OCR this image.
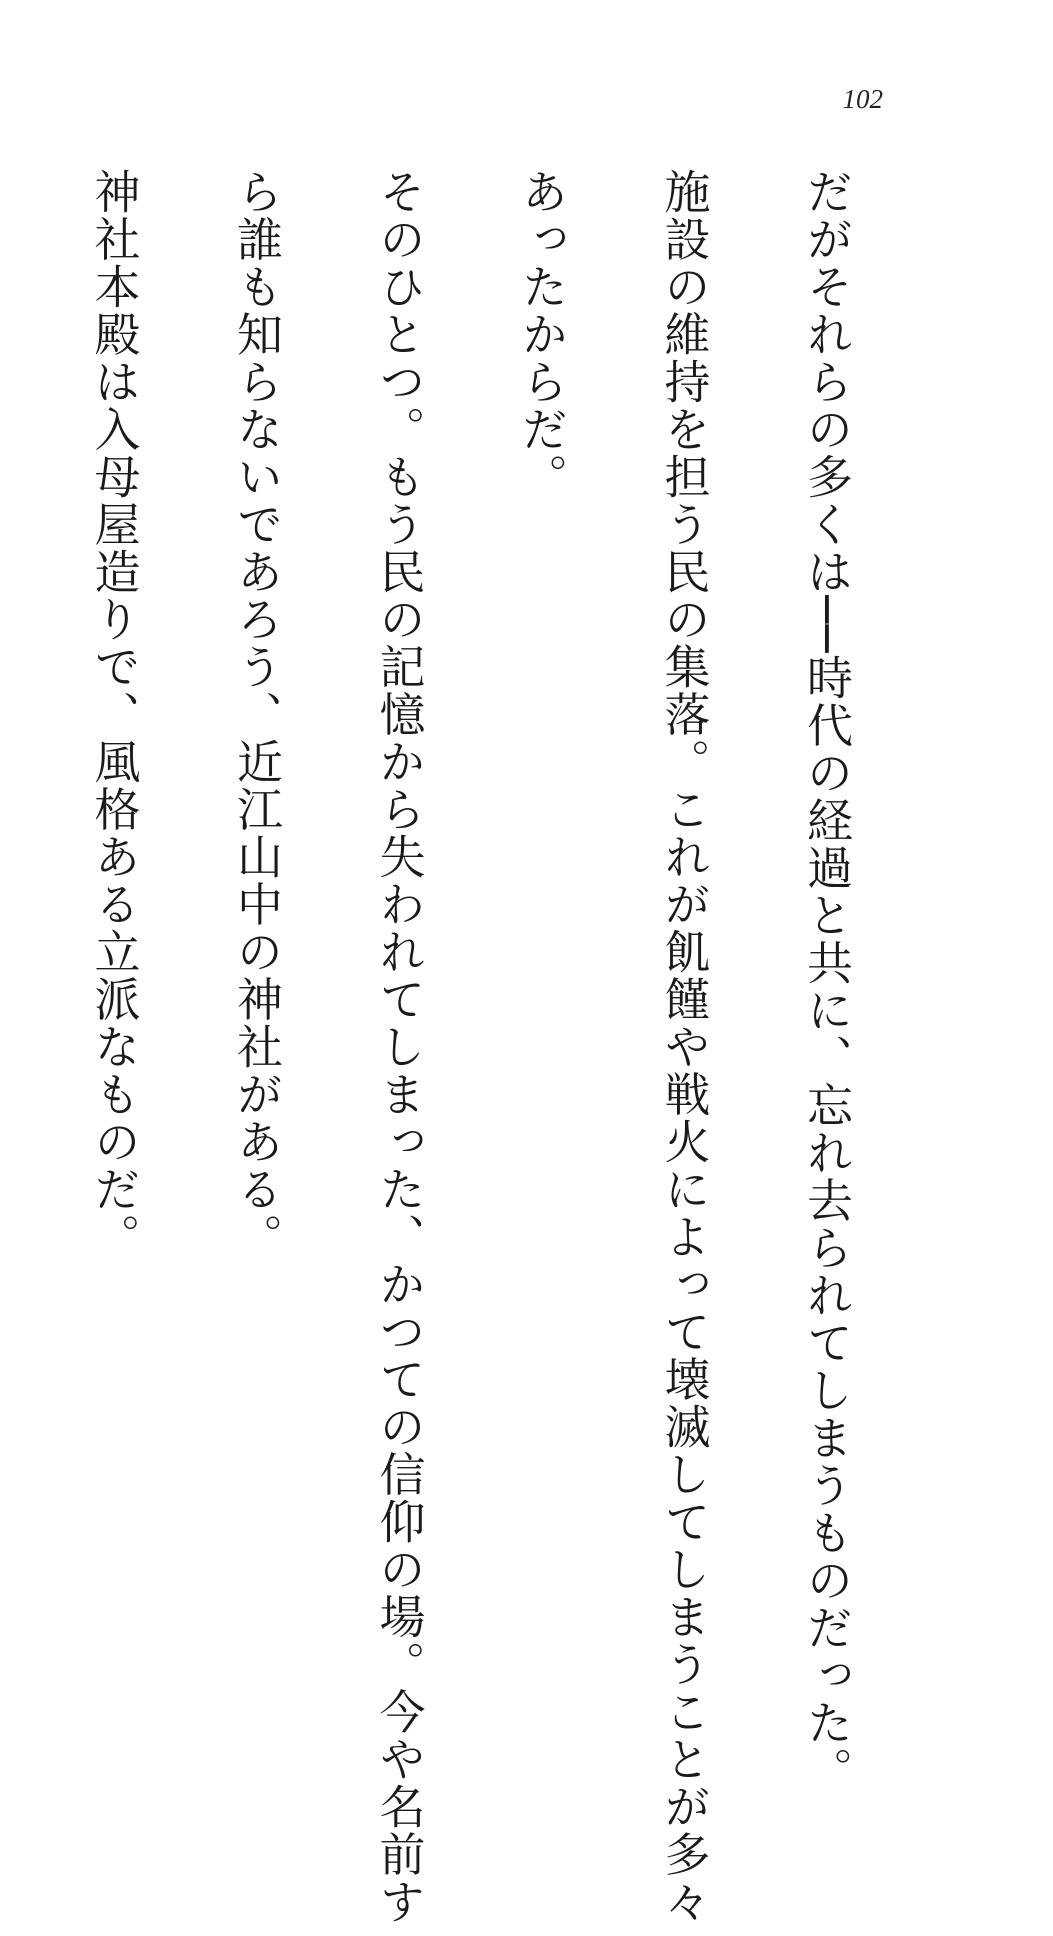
102

だがそれらの多くは──時代の経過と共に、忘れ去られてしまうものだった。

施設の維持を担う民の集落。これが飢饉や戦火によって壊滅してしまうことが多々

あったからだ。

そのひとつ。もう民の記憶から失われてしまった、かつての信仰の場。今や名前す

ら誰も知らないであろう、近江山中の神社がある。

神社本殿は入母屋造りで、風格ある立派なものだ。
